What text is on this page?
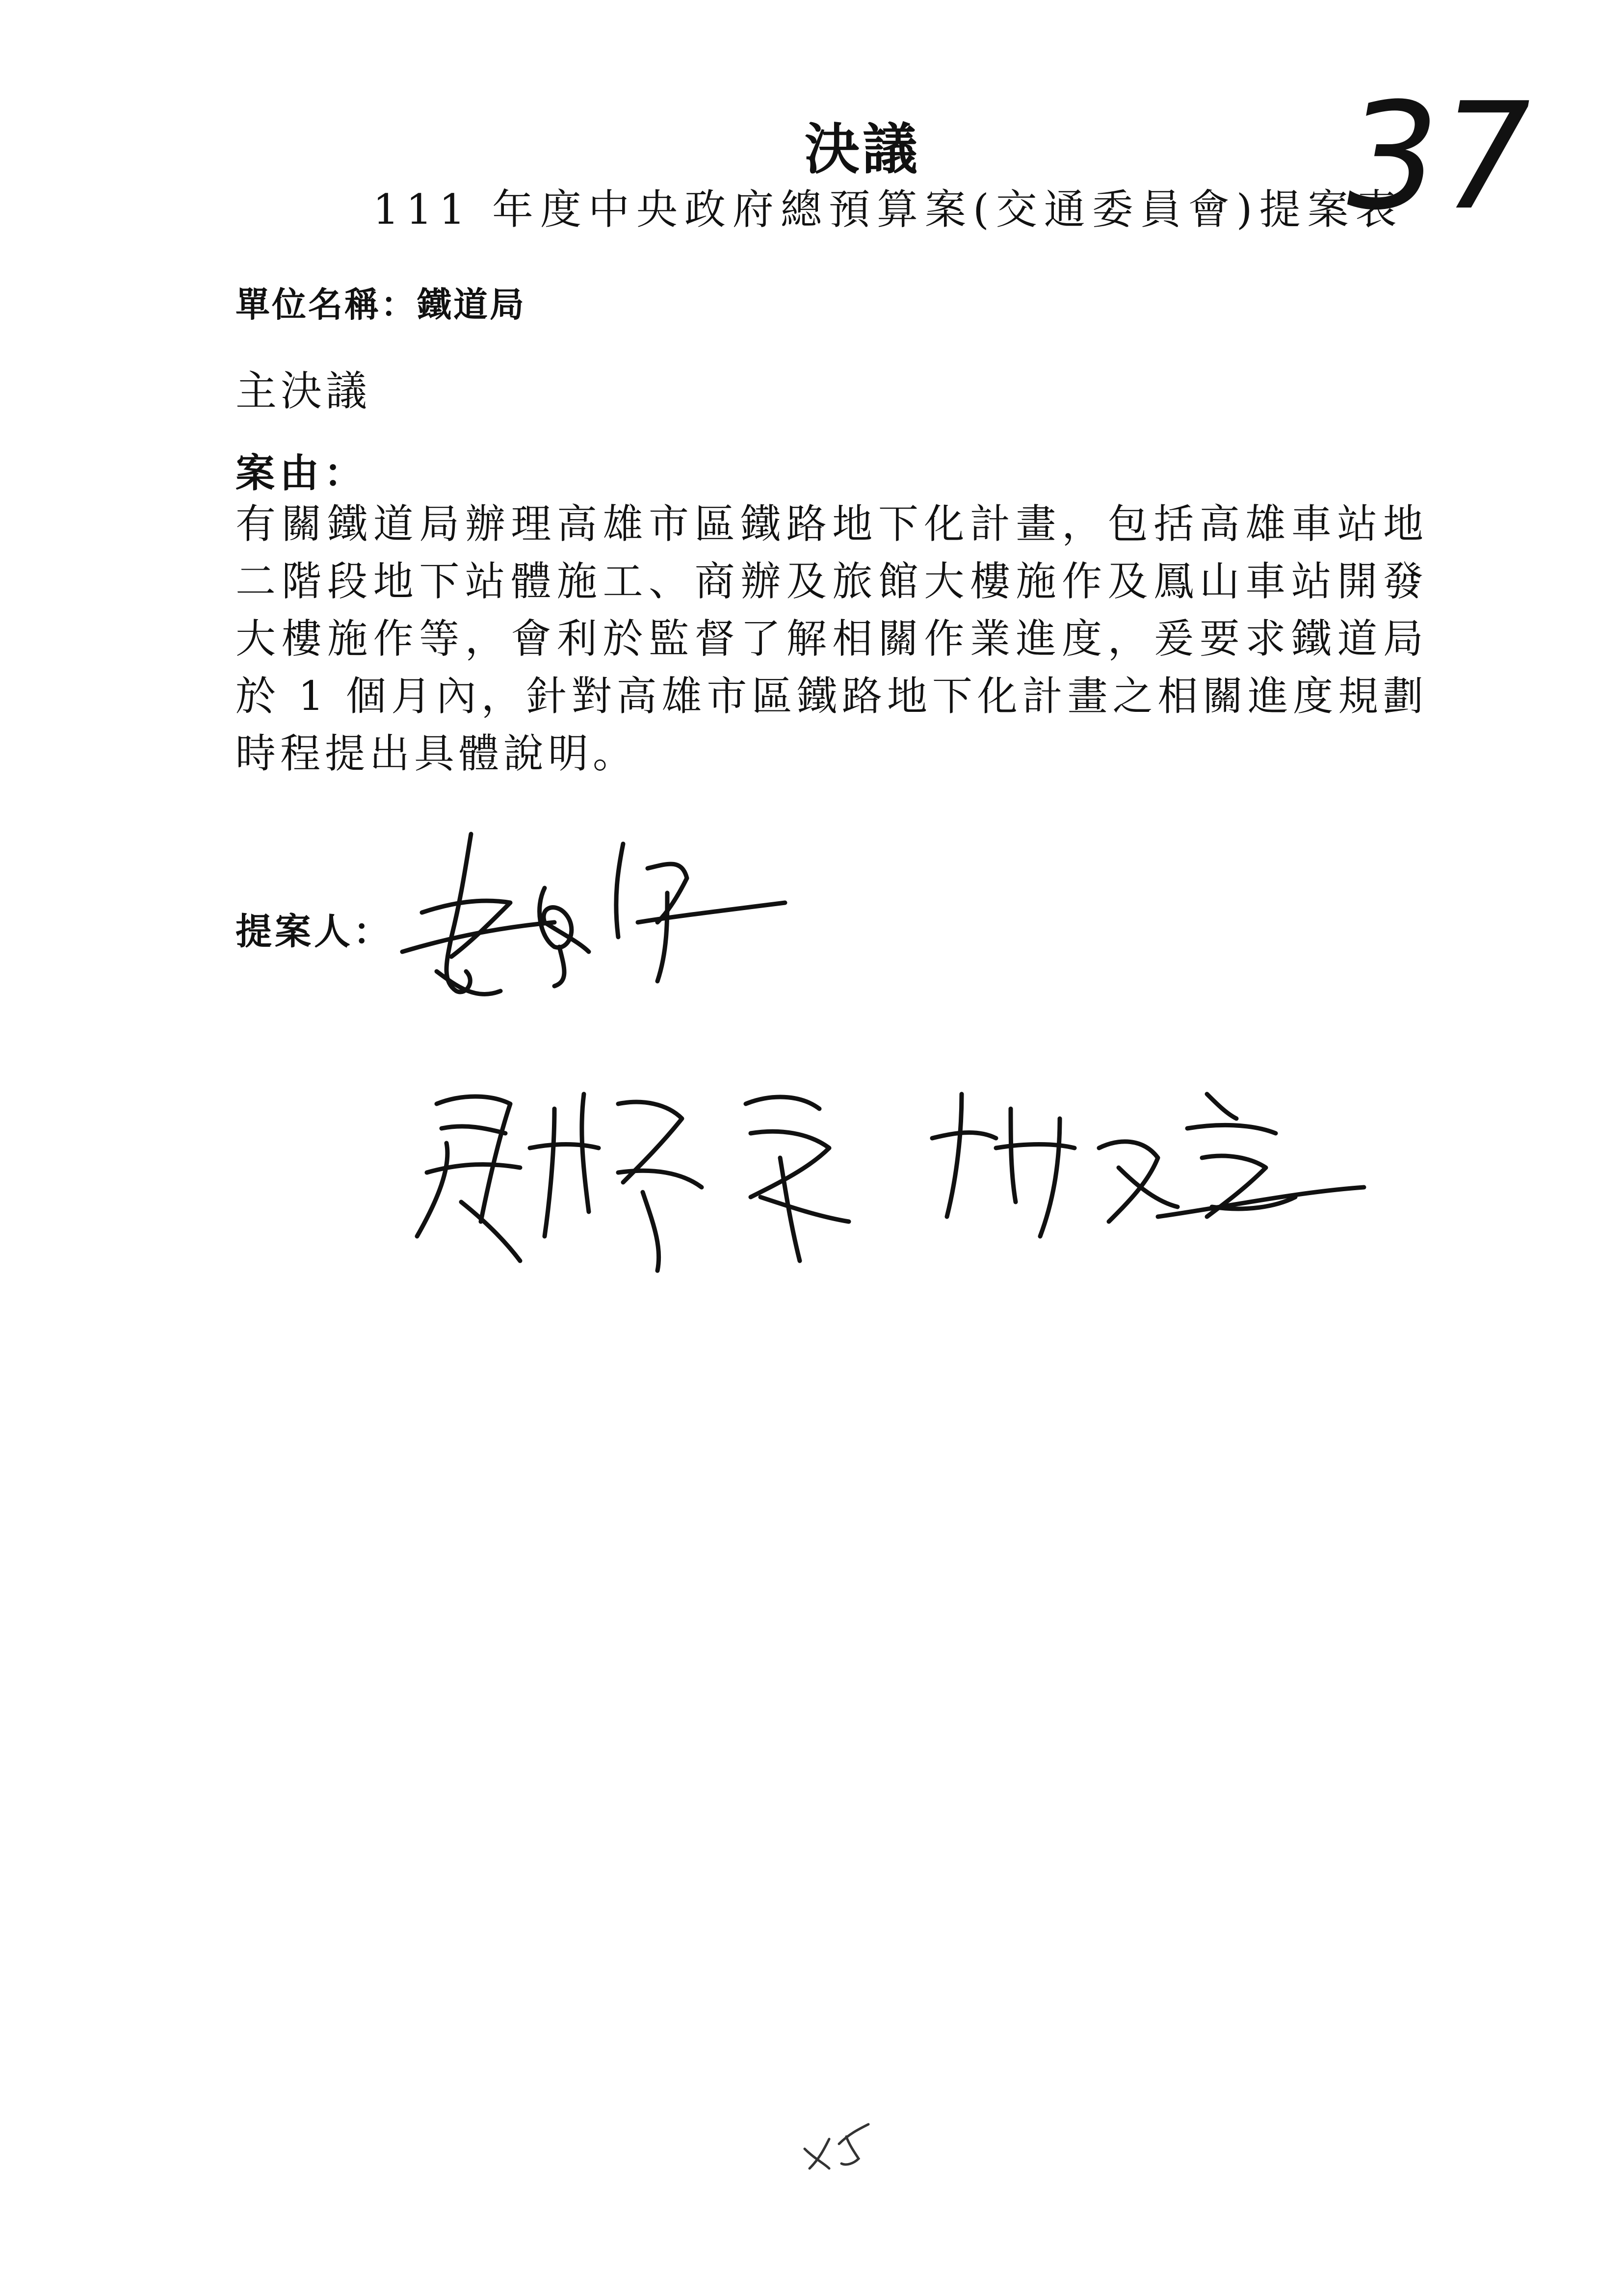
決議	37
111 年度中央政府總預算案(交通委員會)提案表
單位名稱：鐵道局
主決議
案由：
有關鐵道局辦理高雄市區鐵路地下化計畫，包括高雄車站地二階段地下站體施工、商辦及旅館大樓施作及鳳山車站開發大樓施作等，會利於監督了解相關作業進度，爰要求鐵道局於 1 個月內，針對高雄市區鐵路地下化計畫之相關進度規劃時程提出具體說明。
提案人：
